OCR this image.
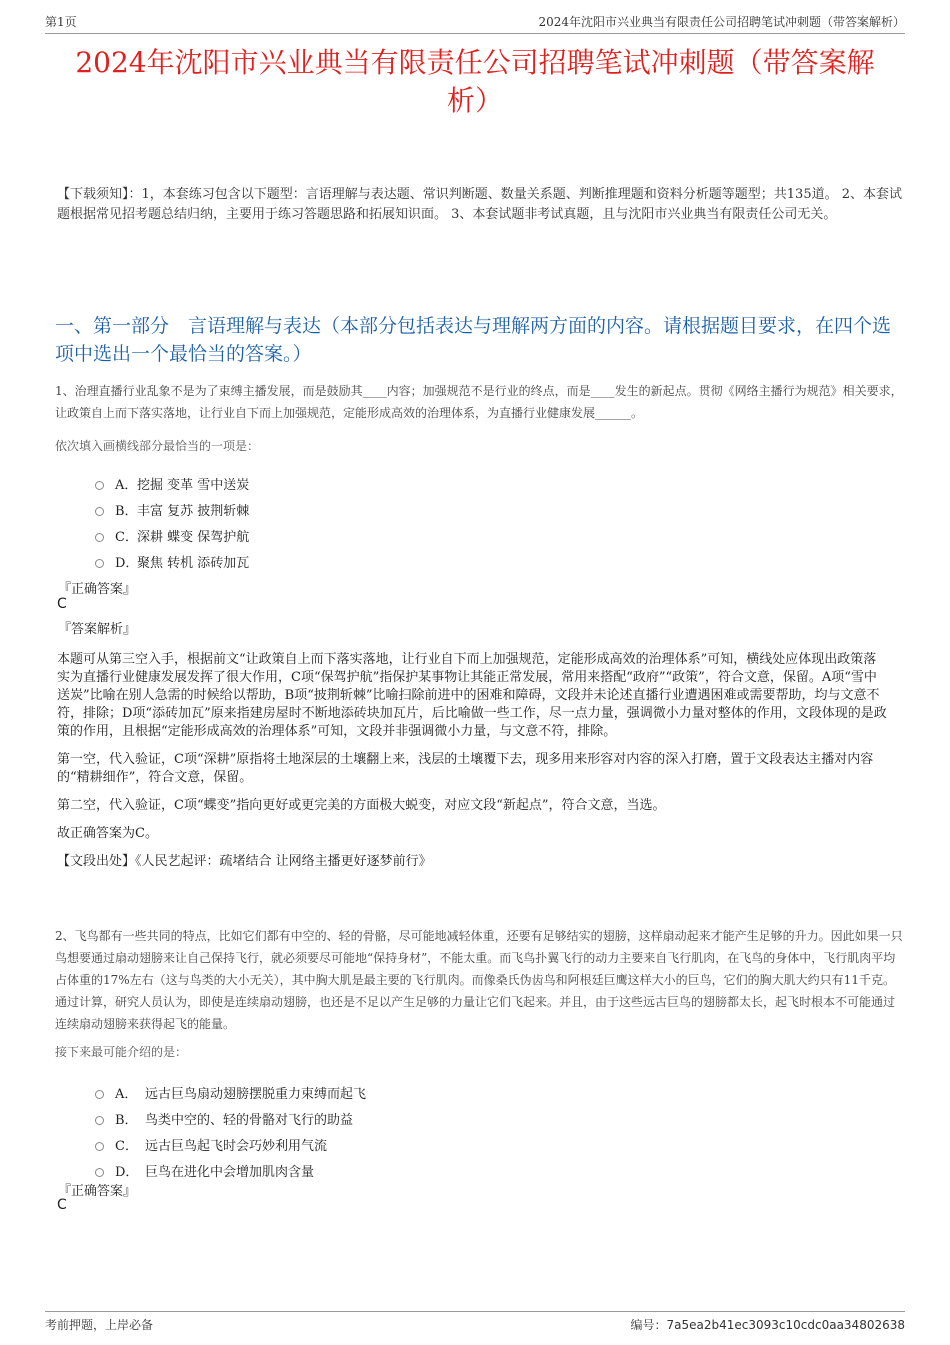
第1页	2024年沈阳市兴业典当有限责任公司招聘笔试冲刺题（带答案解析）
2024年沈阳市兴业典当有限责任公司招聘笔试冲刺题（带答案解析）
【下载须知】：1，本套练习包含以下题型：言语理解与表达题、常识判断题、数量关系题、判断推理题和资料分析题等题型；共135道。 2、本套试题根据常见招考题总结归纳，主要用于练习答题思路和拓展知识面。 3、本套试题非考试真题，且与沈阳市兴业典当有限责任公司无关。
一、第一部分　言语理解与表达（本部分包括表达与理解两方面的内容。请根据题目要求，在四个选项中选出一个最恰当的答案。）
1、治理直播行业乱象不是为了束缚主播发展，而是鼓励其____内容；加强规范不是行业的终点，而是____发生的新起点。贯彻《网络主播行为规范》相关要求，让政策自上而下落实落地，让行业自下而上加强规范，定能形成高效的治理体系，为直播行业健康发展______。
依次填入画横线部分最恰当的一项是：
A． 挖掘 变革 雪中送炭
B． 丰富 复苏 披荆斩棘
C． 深耕 蝶变 保驾护航
D．
聚焦 转机 添砖加瓦
『正确答案』
C
『答案解析』

本题可从第三空入手，根据前文“让政策自上而下落实落地，让行业自下而上加强规范，定能形成高效的治理体系”可知，横线处应体现出政策落实为直播行业健康发展发挥了很大作用，C项“保驾护航”指保护某事物让其能正常发展，常用来搭配“政府”“政策”，符合文意，保留。A项“雪中送炭”比喻在别人急需的时候给以帮助，B项“披荆斩棘”比喻扫除前进中的困难和障碍，文段并未论述直播行业遭遇困难或需要帮助，均与文意不符，排除；D项“添砖加瓦”原来指建房屋时不断地添砖块加瓦片，后比喻做一些工作，尽一点力量，强调微小力量对整体的作用，文段体现的是政策的作用，且根据“定能形成高效的治理体系”可知，文段并非强调微小力量，与文意不符，排除。

第一空，代入验证，C项“深耕”原指将土地深层的土壤翻上来，浅层的土壤覆下去，现多用来形容对内容的深入打磨，置于文段表达主播对内容的“精耕细作”，符合文意，保留。

第二空，代入验证，C项“蝶变”指向更好或更完美的方面极大蜕变，对应文段“新起点”，符合文意，当选。

故正确答案为C。

【文段出处】《人民艺起评：疏堵结合 让网络主播更好逐梦前行》

2、飞鸟都有一些共同的特点，比如它们都有中空的、轻的骨骼，尽可能地减轻体重，还要有足够结实的翅膀，这样扇动起来才能产生足够的升力。因此如果一只鸟想要通过扇动翅膀来让自己保持飞行，就必须要尽可能地“保持身材”，不能太重。而飞鸟扑翼飞行的动力主要来自飞行肌肉，在飞鸟的身体中，飞行肌肉平均占体重的17%左右（这与鸟类的大小无关），其中胸大肌是最主要的飞行肌肉。而像桑氏伪齿鸟和阿根廷巨鹰这样大小的巨鸟，它们的胸大肌大约只有11千克。通过计算，研究人员认为，即使是连续扇动翅膀，也还是不足以产生足够的力量让它们飞起来。并且，由于这些远古巨鸟的翅膀都太长，起飞时根本不可能通过连续扇动翅膀来获得起飞的能量。
接下来最可能介绍的是：
A． 远古巨鸟扇动翅膀摆脱重力束缚而起飞
B． 鸟类中空的、轻的骨骼对飞行的助益
C． 远古巨鸟起飞时会巧妙利用气流
D． 巨鸟在进化中会增加肌肉含量
『正确答案』
C
考前押题，上岸必备	编号：7a5ea2b41ec3093c10cdc0aa34802638
